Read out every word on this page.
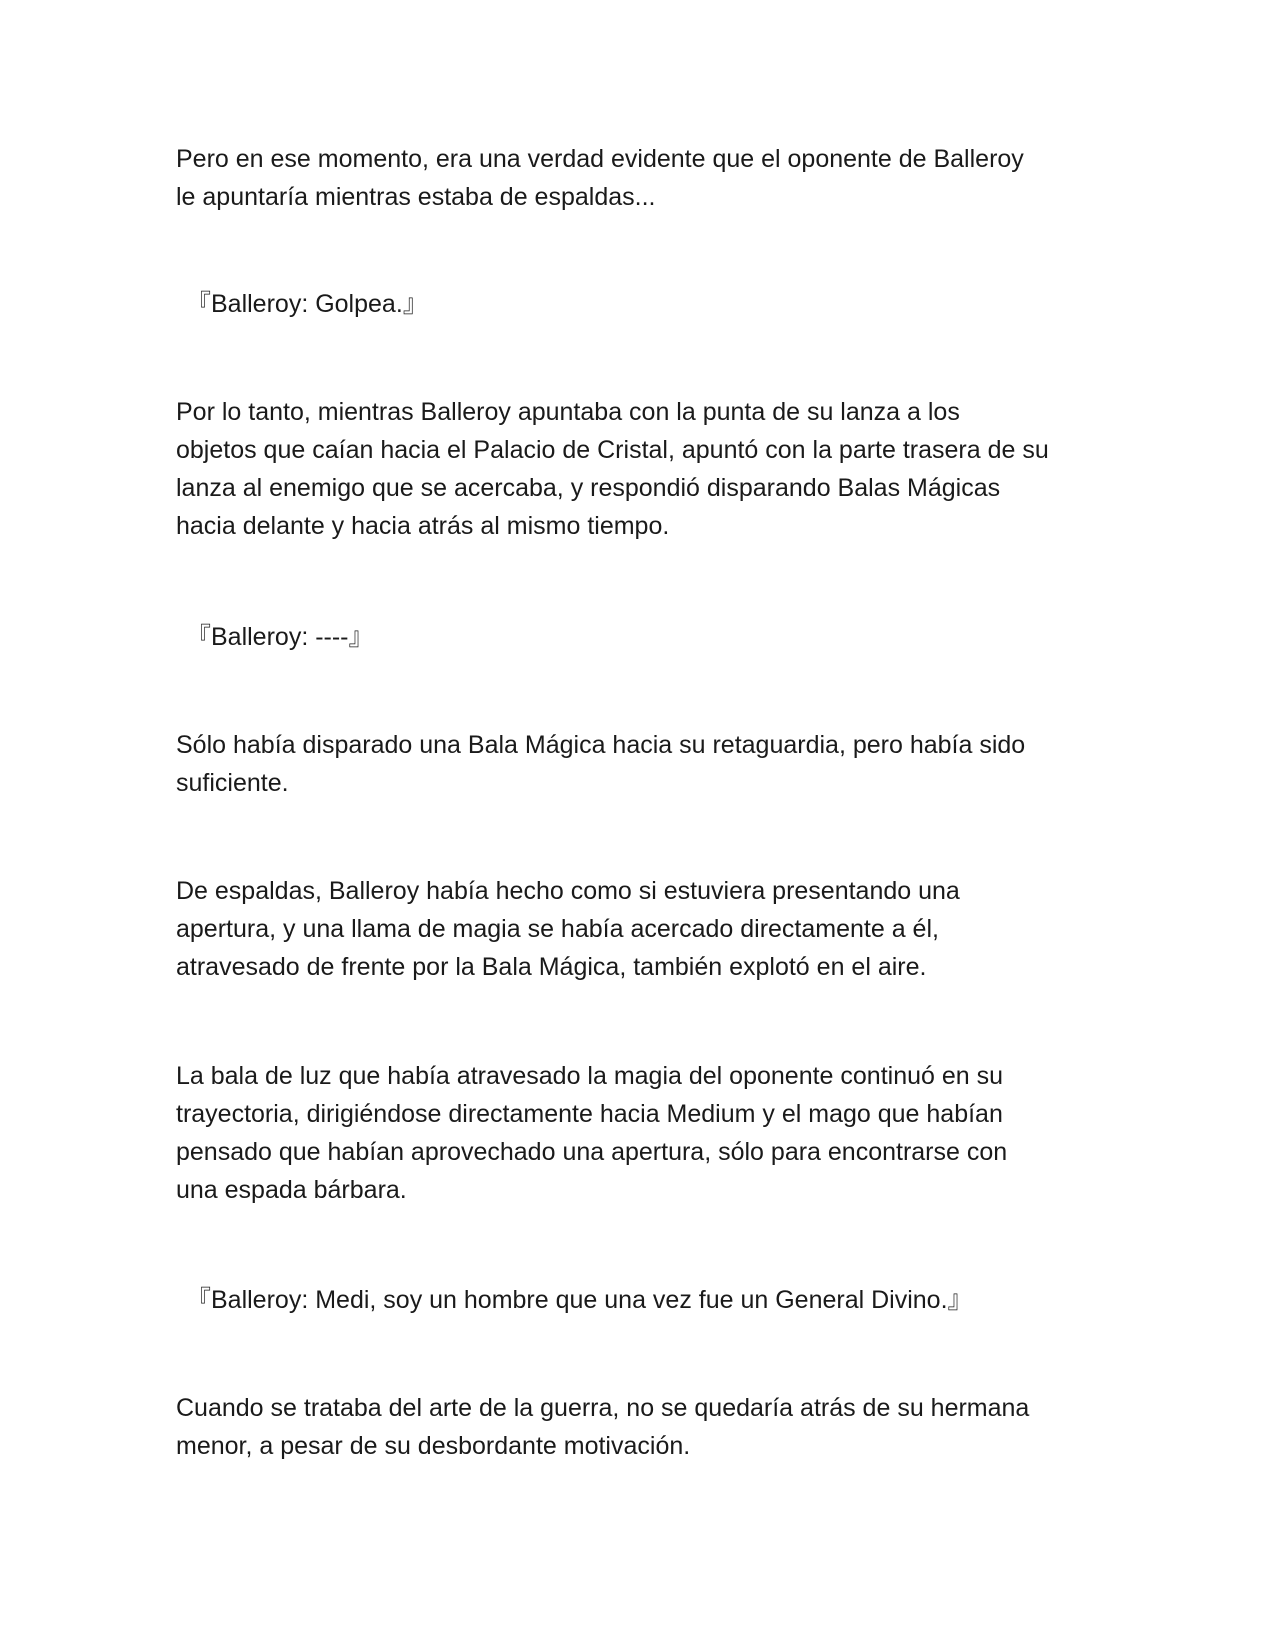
Pero en ese momento, era una verdad evidente que el oponente de Balleroy
le apuntaría mientras estaba de espaldas...

『Balleroy: Golpea.』

Por lo tanto, mientras Balleroy apuntaba con la punta de su lanza a los
objetos que caían hacia el Palacio de Cristal, apuntó con la parte trasera de su
lanza al enemigo que se acercaba, y respondió disparando Balas Mágicas
hacia delante y hacia atrás al mismo tiempo.

『Balleroy: ----』

Sólo había disparado una Bala Mágica hacia su retaguardia, pero había sido
suficiente.

De espaldas, Balleroy había hecho como si estuviera presentando una
apertura, y una llama de magia se había acercado directamente a él,
atravesado de frente por la Bala Mágica, también explotó en el aire.

La bala de luz que había atravesado la magia del oponente continuó en su
trayectoria, dirigiéndose directamente hacia Medium y el mago que habían
pensado que habían aprovechado una apertura, sólo para encontrarse con
una espada bárbara.

『Balleroy: Medi, soy un hombre que una vez fue un General Divino.』

Cuando se trataba del arte de la guerra, no se quedaría atrás de su hermana
menor, a pesar de su desbordante motivación.
